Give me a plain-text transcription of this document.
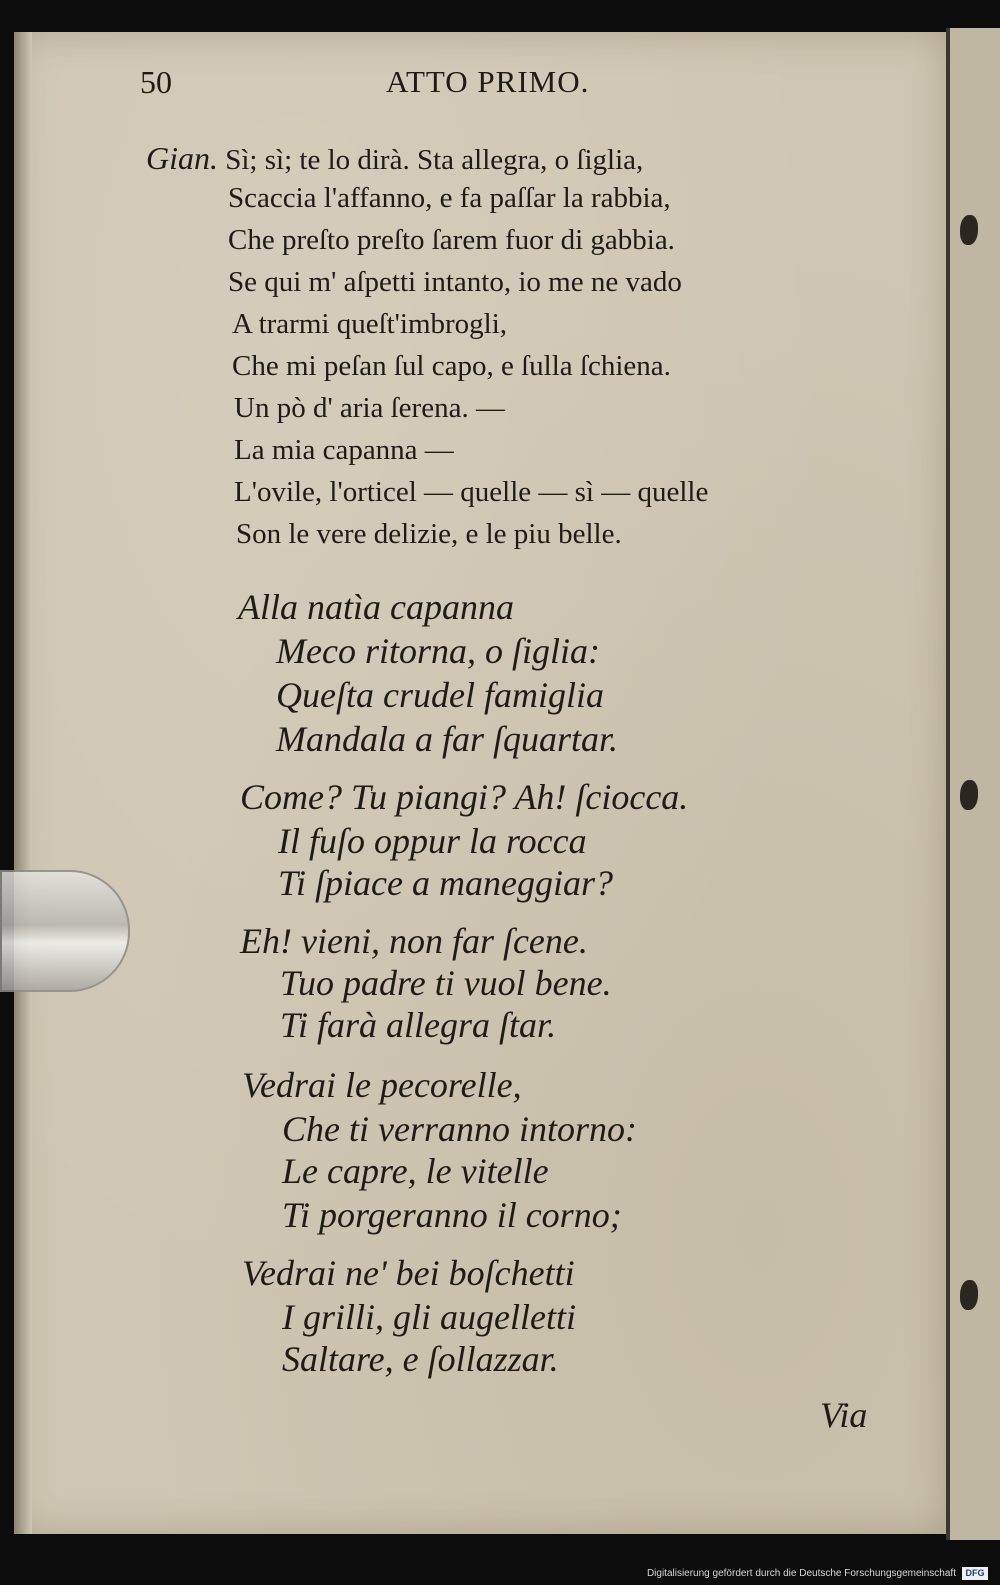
50	ATTO PRIMO.
Gian. Sì; sì; te lo dirà. Sta allegra, o ſiglia,
Scaccia l'affanno, e fa paſſar la rabbia,
Che preſto preſto ſarem fuor di gabbia.
Se qui m' aſpetti intanto, io me ne vado
A trarmi queſt'imbrogli,
Che mi peſan ſul capo, e ſulla ſchiena.
Un pò d' aria ſerena. —
La mia capanna —
L'ovile, l'orticel — quelle — sì — quelle
Son le vere delizie, e le piu belle.
Alla natìa capanna
Meco ritorna, o ſiglia:
Queſta crudel famiglia
Mandala a far ſquartar.
Come? Tu piangi? Ah! ſciocca.
Il fuſo oppur la rocca
Ti ſpiace a maneggiar?
Eh! vieni, non far ſcene.
Tuo padre ti vuol bene.
Ti farà allegra ſtar.
Vedrai le pecorelle,
Che ti verranno intorno:
Le capre, le vitelle
Ti porgeranno il corno;
Vedrai ne' bei boſchetti
I grilli, gli augelletti
Saltare, e ſollazzar.
Via
Digitalisierung gefördert durch die Deutsche Forschungsgemeinschaft	DFG
